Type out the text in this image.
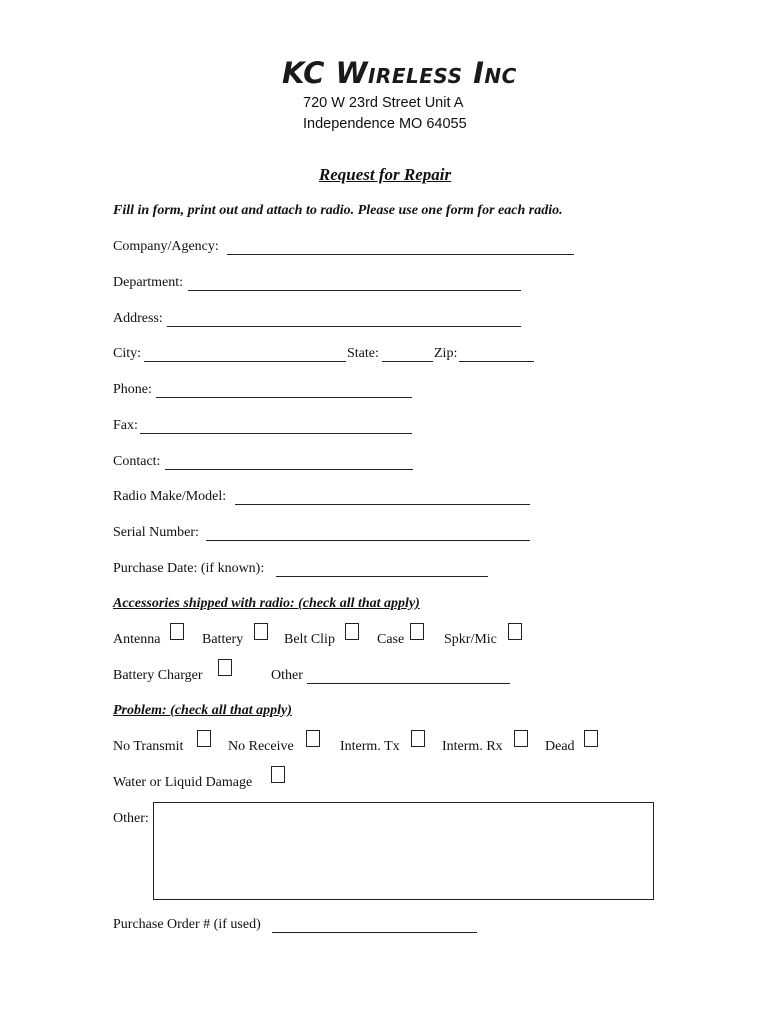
KC WIRELESS INC
720 W 23rd Street Unit A
Independence MO 64055
Request for Repair
Fill in form, print out and attach to radio. Please use one form for each radio.
Company/Agency:
Department:
Address:
City:	State:	Zip:
Phone:
Fax:
Contact:
Radio Make/Model:
Serial Number:
Purchase Date: (if known):
Accessories shipped with radio: (check all that apply)
Antenna	Battery	Belt Clip	Case	Spkr/Mic
Battery Charger	Other
Problem: (check all that apply)
No Transmit	No Receive	Interm. Tx	Interm. Rx	Dead
Water or Liquid Damage
Other:
Purchase Order # (if used)
